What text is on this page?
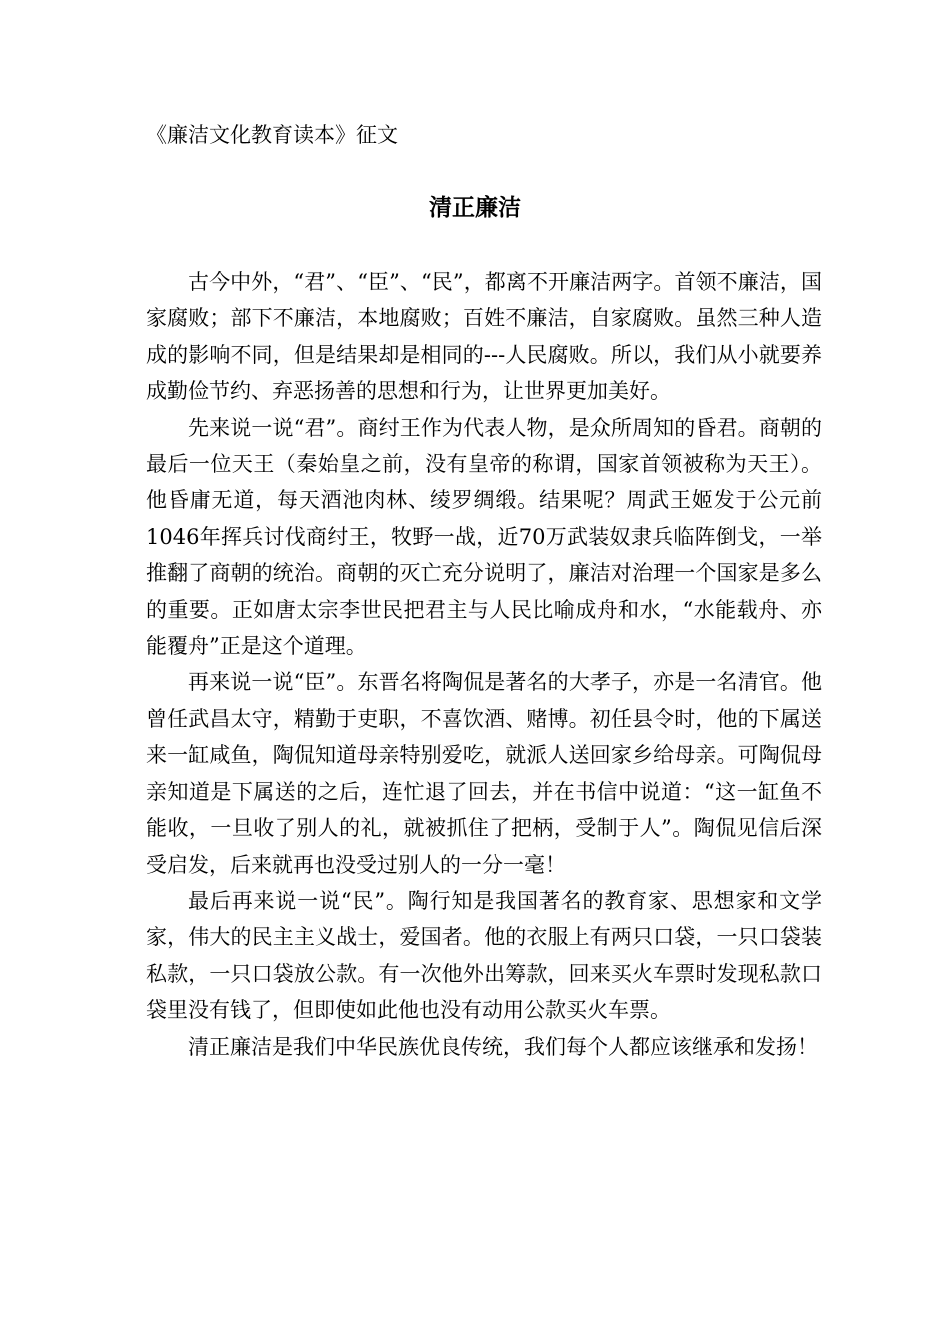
《廉洁文化教育读本》征文
清正廉洁

古今中外，“君”、“臣”、“民”，都离不开廉洁两字。首领不廉洁，国家腐败；部下不廉洁，本地腐败；百姓不廉洁，自家腐败。虽然三种人造成的影响不同，但是结果却是相同的---人民腐败。所以，我们从小就要养成勤俭节约、弃恶扬善的思想和行为，让世界更加美好。

先来说一说“君”。商纣王作为代表人物，是众所周知的昏君。商朝的最后一位天王（秦始皇之前，没有皇帝的称谓，国家首领被称为天王）。他昏庸无道，每天酒池肉林、绫罗绸缎。结果呢？周武王姬发于公元前1046年挥兵讨伐商纣王，牧野一战，近70万武装奴隶兵临阵倒戈，一举推翻了商朝的统治。商朝的灭亡充分说明了，廉洁对治理一个国家是多么的重要。正如唐太宗李世民把君主与人民比喻成舟和水，“水能载舟、亦能覆舟”正是这个道理。

再来说一说“臣”。东晋名将陶侃是著名的大孝子，亦是一名清官。他曾任武昌太守，精勤于吏职，不喜饮酒、赌博。初任县令时，他的下属送来一缸咸鱼，陶侃知道母亲特别爱吃，就派人送回家乡给母亲。可陶侃母亲知道是下属送的之后，连忙退了回去，并在书信中说道：“这一缸鱼不能收，一旦收了别人的礼，就被抓住了把柄，受制于人”。陶侃见信后深受启发，后来就再也没受过别人的一分一毫！

最后再来说一说“民”。陶行知是我国著名的教育家、思想家和文学家，伟大的民主主义战士，爱国者。他的衣服上有两只口袋，一只口袋装私款，一只口袋放公款。有一次他外出筹款，回来买火车票时发现私款口袋里没有钱了，但即使如此他也没有动用公款买火车票。

清正廉洁是我们中华民族优良传统，我们每个人都应该继承和发扬！
